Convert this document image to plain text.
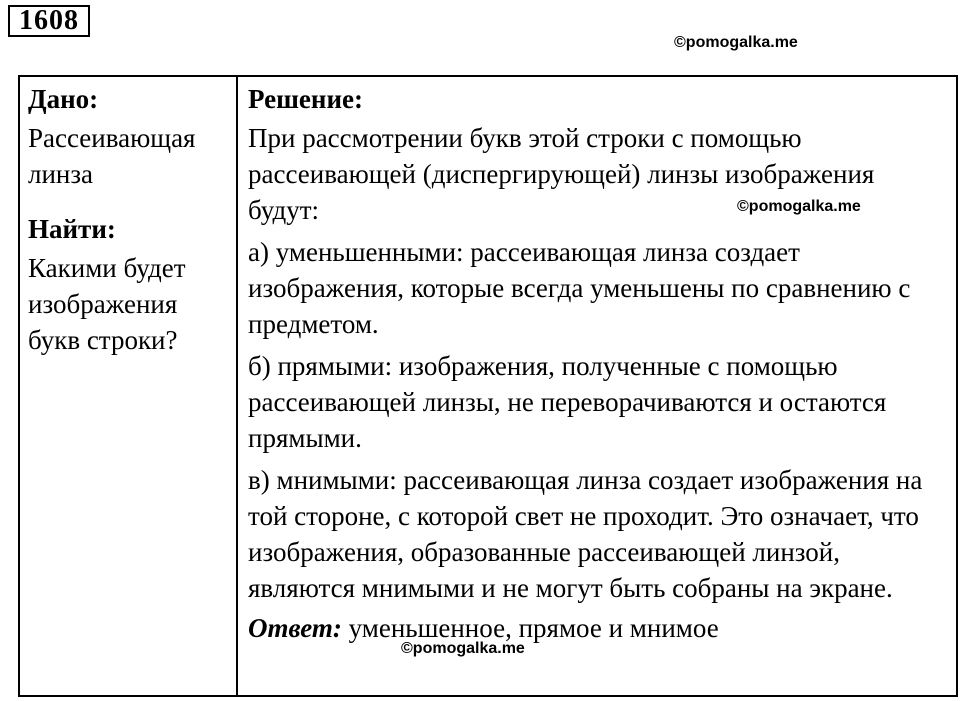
1608
©pomogalka.me

Дано:

Рассеивающая линза

Найти:

Какими будет изображения букв строки?

Решение:

При рассмотрении букв этой строки с помощью рассеивающей (диспергирующей) линзы изображения будут:

а) уменьшенными: рассеивающая линза создает изображения, которые всегда уменьшены по сравнению с предметом.

б) прямыми: изображения, полученные с помощью рассеивающей линзы, не переворачиваются и остаются прямыми.

в) мнимыми: рассеивающая линза создает изображения на той стороне, с которой свет не проходит. Это означает, что изображения, образованные рассеивающей линзой, являются мнимыми и не могут быть собраны на экране.

Ответ: уменьшенное, прямое и мнимое

©pomogalka.me
©pomogalka.me
